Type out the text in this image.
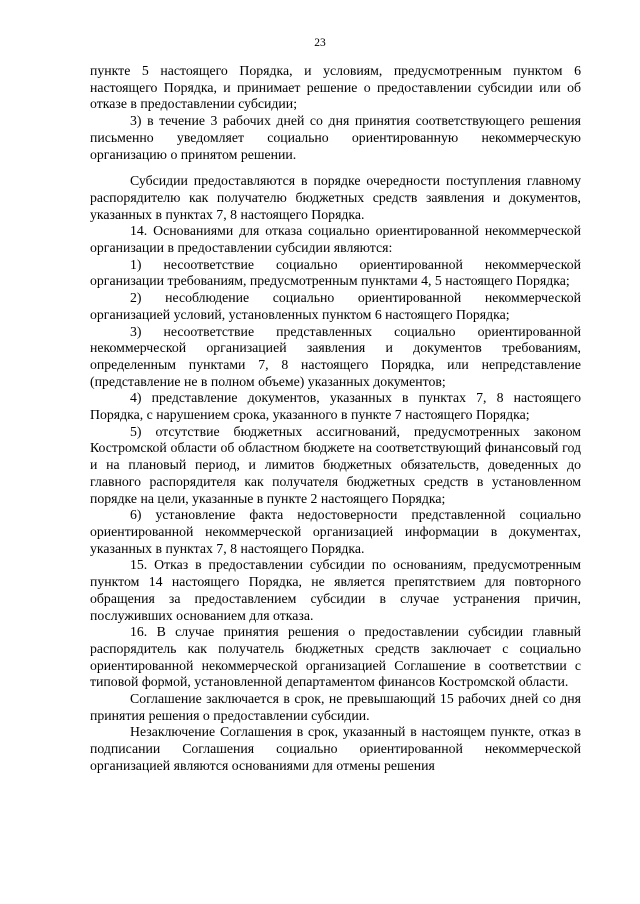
23

пункте 5 настоящего Порядка, и условиям, предусмотренным пунктом 6 настоящего Порядка, и принимает решение о предоставлении субсидии или об отказе в предоставлении субсидии;

3) в течение 3 рабочих дней со дня принятия соответствующего решения письменно уведомляет социально ориентированную некоммерческую организацию о принятом решении.

Субсидии предоставляются в порядке очередности поступления главному распорядителю как получателю бюджетных средств заявления и документов, указанных в пунктах 7, 8 настоящего Порядка.

14. Основаниями для отказа социально ориентированной некоммерческой организации в предоставлении субсидии являются:

1) несоответствие социально ориентированной некоммерческой организации требованиям, предусмотренным пунктами 4, 5 настоящего Порядка;

2) несоблюдение социально ориентированной некоммерческой организацией условий, установленных пунктом 6 настоящего Порядка;

3) несоответствие представленных социально ориентированной некоммерческой организацией заявления и документов требованиям, определенным пунктами 7, 8 настоящего Порядка, или непредставление (представление не в полном объеме) указанных документов;

4) представление документов, указанных в пунктах 7, 8 настоящего Порядка, с нарушением срока, указанного в пункте 7 настоящего Порядка;

5) отсутствие бюджетных ассигнований, предусмотренных законом Костромской области об областном бюджете на соответствующий финансовый год и на плановый период, и лимитов бюджетных обязательств, доведенных до главного распорядителя как получателя бюджетных средств в установленном порядке на цели, указанные в пункте 2 настоящего Порядка;

6) установление факта недостоверности представленной социально ориентированной некоммерческой организацией информации в документах, указанных в пунктах 7, 8 настоящего Порядка.

15. Отказ в предоставлении субсидии по основаниям, предусмотренным пунктом 14 настоящего Порядка, не является препятствием для повторного обращения за предоставлением субсидии в случае устранения причин, послуживших основанием для отказа.

16. В случае принятия решения о предоставлении субсидии главный распорядитель как получатель бюджетных средств заключает с социально ориентированной некоммерческой организацией Соглашение в соответствии с типовой формой, установленной департаментом финансов Костромской области.

Соглашение заключается в срок, не превышающий 15 рабочих дней со дня принятия решения о предоставлении субсидии.

Незаключение Соглашения в срок, указанный в настоящем пункте, отказ в подписании Соглашения социально ориентированной некоммерческой организацией являются основаниями для отмены решения
